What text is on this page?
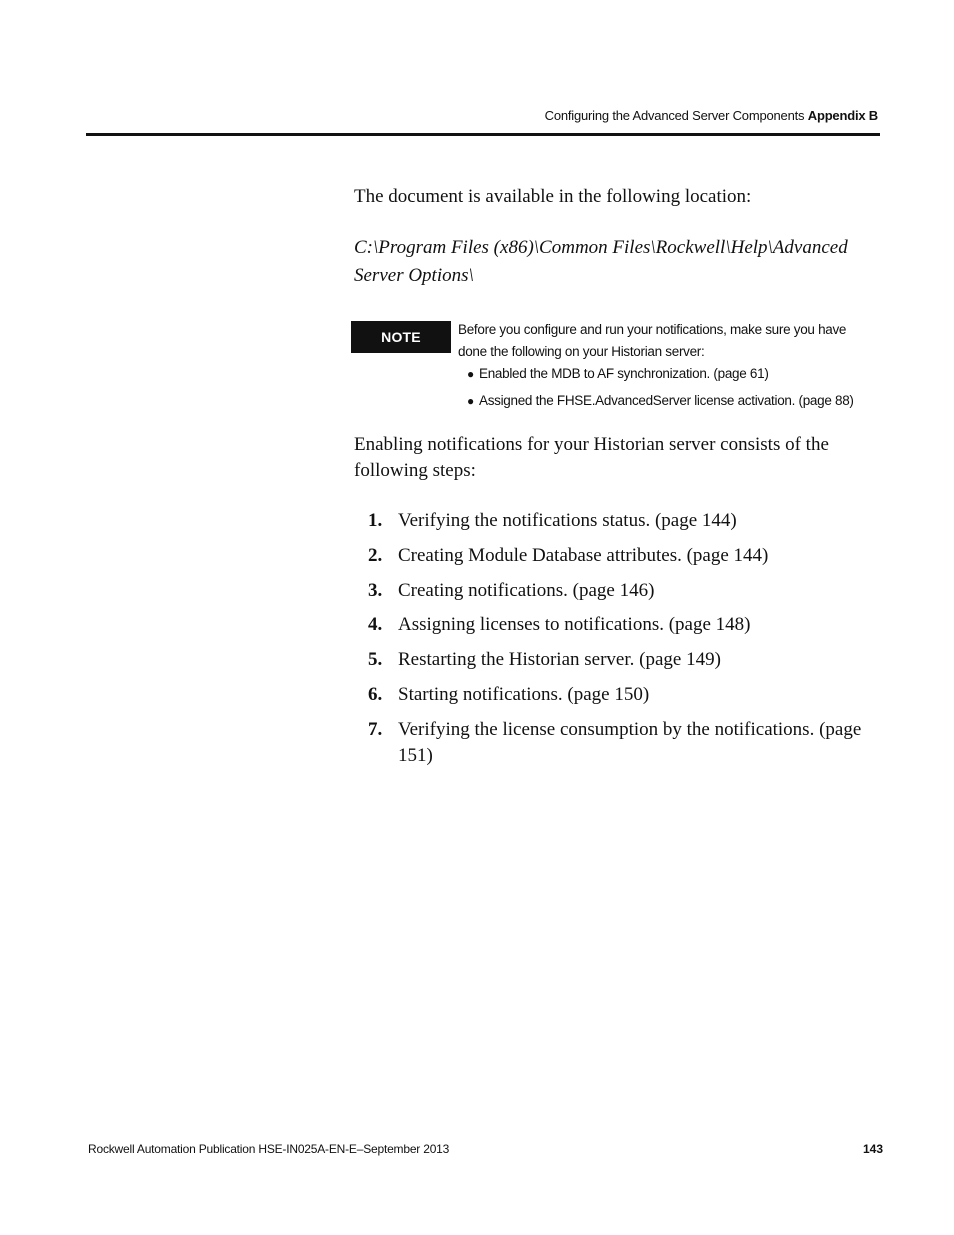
Configuring the Advanced Server Components Appendix B

The document is available in the following location:

C:\Program Files (x86)\Common Files\Rockwell\Help\Advanced Server Options\

NOTE	Before you configure and run your notifications, make sure you have done the following on your Historian server:

● Enabled the MDB to AF synchronization. (page 61)
● Assigned the FHSE.AdvancedServer license activation. (page 88)

Enabling notifications for your Historian server consists of the following steps:

1. Verifying the notifications status. (page 144)
2. Creating Module Database attributes. (page 144)
3. Creating notifications. (page 146)
4. Assigning licenses to notifications. (page 148)
5. Restarting the Historian server. (page 149)
6. Starting notifications. (page 150)
7. Verifying the license consumption by the notifications. (page 151)
Rockwell Automation Publication HSE-IN025A-EN-E–September 2013	143
